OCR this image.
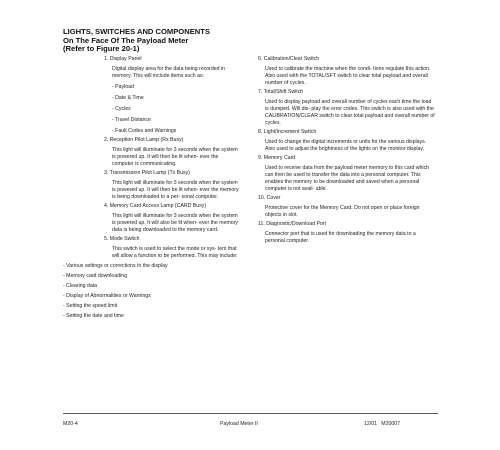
LIGHTS, SWITCHES AND COMPONENTS
On The Face Of The Payload Meter
(Refer to Figure 20-1)
1. Display Panel
Digital display area for the data being recorded in memory. This will include items such as:
- Payload
- Date & Time
- Cycles
- Travel Distance
- Fault Codes and Warnings
2. Reception Pilot Lamp (Rx Busy)
This light will illuminate for 3 seconds when the system is powered up. It will then be lit when- ever the computer is communicating.
3. Transmission Pilot Lamp (Tx Busy)
This light will illuminate for 3 seconds when the system is powered up. It will then be lit when- ever the memory is being downloaded to a per- sonal computer.
4. Memory Card Access Lamp (CARD Busy)
This light will illuminate for 3 seconds when the system is powered up. It will also be lit when- ever the memory data is being downloaded to the memory card.
5. Mode Switch
This switch is used to select the mode or sys- tem that will allow a function to be performed. This may include:
- Various settings or corrections to the display
- Memory card downloading
- Clearing data
- Display of Abnormalities or Warnings
- Setting the speed limit
- Setting the date and time
6. Calibration/Clear Switch
Used to calibrate the machine when the condi- tions regulate this action. Also used with the TOTAL/SFT switch to clear total payload and overall number of cycles.
7. Total/Shift Switch
Used to display payload and overall number of cycles each time the load is dumped. Will dis- play the error codes. This switch is also used with the CALIBRATION/CLEAR switch to clear total payload and overall number of cycles.
8. Light/Increment Switch
Used to change the digital increments or units for the various displays. Also used to adjust the brightness of the lights on the monitor display.
9. Memory Card
Used to receive data from the payload meter memory to this card which can then be used to transfer the data into a personal computer. This enables the memory to be downloaded and saved when a personal computer is not avail- able.
10. Cover
Protective cover for the Memory Card. Do not open or place foreign objects in slot.
11. Diagnostic/Download Port
Connector port that is used for downloading the memory data to a personal computer.
M20-4	Payload Meter II	12/01   M20007
